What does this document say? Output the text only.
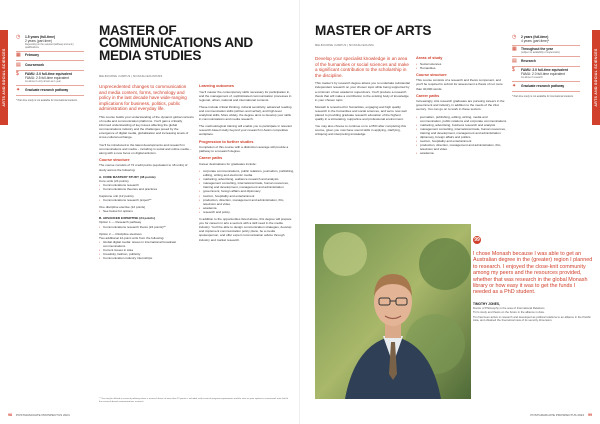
ARTS AND SOCIAL SCIENCES
◷	1.5 years (full-time)
2 years (part-time)
Depending on the selected pathway and entry qualifications
▦	February
▤	Coursework
$	FAMU: 2.0 full-time equivalent
FAMU: 2.5 full-time equivalent
As above if entry shown as 1 year
✦	Graduate research pathway
* Part-time study is not available for international students.
MASTER OF COMMUNICATIONS AND MEDIA STUDIES
MELBOURNE CAMPUS | MONASH.EDU/MCMS

Unprecedented changes to communication and media content, forms, technology and policy in the last decade have wide-ranging implications for business, politics, public administration and everyday life.

This course builds your understanding of the dynamic global contexts of media and communication platforms. You'll gain a critically informed understanding of key issues affecting the global communications industry and the challenges posed by the emergence of digital media, globalisation and increasing levels of cross-cultural exchange.

You'll be introduced to the latest developments and research in communications and media – including in social and online media – along with a new focus on digital activism.

Course structure

The course consists of 72 credit points (equivalent to 18 units) of study across the following:

A. CORE MASTERY STUDY (48 points)
Core units (24 points)
• Communications research
• Communications theories and practices
Capstone unit (12 points)
• Communications research project**
One discipline elective (12 points)
• See below for options
B. ADVANCED EXPERTISE (24 points)
Option 1 — Research pathway
• Communications research thesis (24 points)**
Option 2 — Discipline electives
Two additional 12-point units from the following:
• Global digital media: issues in international broadcast communications
• Current issues in Asia
• Creativity, fashion, publicity
• Communication industry internships.
Learning outcomes

You'll master the contemporary skills necessary for participation in, and the management of, sophisticated communication processes in regional, urban, national and international contexts.

These include critical thinking, cultural sensitivity, advanced reading and communication skills (written and verbal), and high-level analytical skills. More widely, the degree aims to develop your skills in communications and media research.

The methodological training will enable you to participate in relevant research-based study beyond your research in Asia's competitive workplace.

Progression to further studies

Completion of this course with a distinction average will provide a pathway to a research degree.

Career paths

Career destinations for graduates include:

• corporate communications, public relations, journalism, publishing, editing, writing and electronic media
• marketing, advertising, audience research and analysis
• management consulting, international trade, human resources, training and development, management and administration
• government, foreign affairs and diplomacy
• tourism, hospitality and entertainment
• production, direction, management and administration, film, television and video
• academia
• research and policy.

In addition to the opportunities listed above, this degree will prepare you for careers in arts a sectors with a skill need in the media industry. You'll be able to design communication strategies, develop and implement communication policy plans, be a media spokesperson, and offer expert communication advice through industry and market research.

** You may be offered a research pathway where a research thesis of more than 12 points is included, with research program requirements and the units on your options to coursework units that fit the research-based communications research.
98 POSTGRADUATE PROSPECTUS 2024
ARTS AND SOCIAL SCIENCES
MASTER OF ARTS
MELBOURNE CAMPUS | MONASH.EDU/MA

Develop your specialist knowledge in an area of the humanities or social sciences and make a significant contribution to the scholarship in the discipline.

This master's by research degree allows you to undertake substantial independent research on your chosen topic while being supported by a minimum of two academic supervisors. You'll produce a research thesis that will make a contribution to the existing body of knowledge in your chosen topic.

Monash is renowned for humanities, engaging and high quality research in the humanities and social sciences, and we're now well placed to providing graduate research education of the highest quality in a stimulating, supportive and professional environment.

You may also choose to continue on to a PhD after completing this course, given you now have sound skills in applying, clarifying, critiquing and interpreting knowledge.

Areas of study
• Social sciences
• Humanities.
Course structure

This course consists of a research and thesis component, and you'll be required to submit for assessment a thesis of not more than 40,000 words.

Career paths

Increasingly, Arts research graduates are pursuing careers in the government and industry, in addition to the needs of the 21st century. You can go on to work in these sectors:

• journalism, publishing, editing, writing, media and communication, public relations and corporate communications
• marketing, advertising, business research and analysis
• management consulting, international trade, human resources, training and development, management and administration
• diplomacy, foreign affairs and politics
• tourism, hospitality and entertainment
• production, direction, management and administration, film, television and video
• academia.
◷	2 years (full-time)
4 years (part-time)*
▦	Throughout the year
(subject to availability of supervision)
▤	Research
$	FAMU: 2.0 full-time equivalent
FAMU: 2.0 full-time equivalent
As above if research
✦	Graduate research pathway
* Part-time study is not available for international students.
99

I chose Monash because I was able to get an Australian degree in the (greater) region I planned to research. I enjoyed the close-knit community among my peers and the resources provided, whether that was research in the global Monash library or how easy it was to get the funds I needed as a PhD student.

TIMOTHY JONES,
Doctor of Philosophy in the area of International Relations
Tim's study and thesis on the future in the alliance in Asia.
Tim has been active in research and developed as political relations to an alliance in the Pacific Asia, and obtained the theoretical view of its security dimension.
POSTGRADUATE PROSPECTUS 2024 99
